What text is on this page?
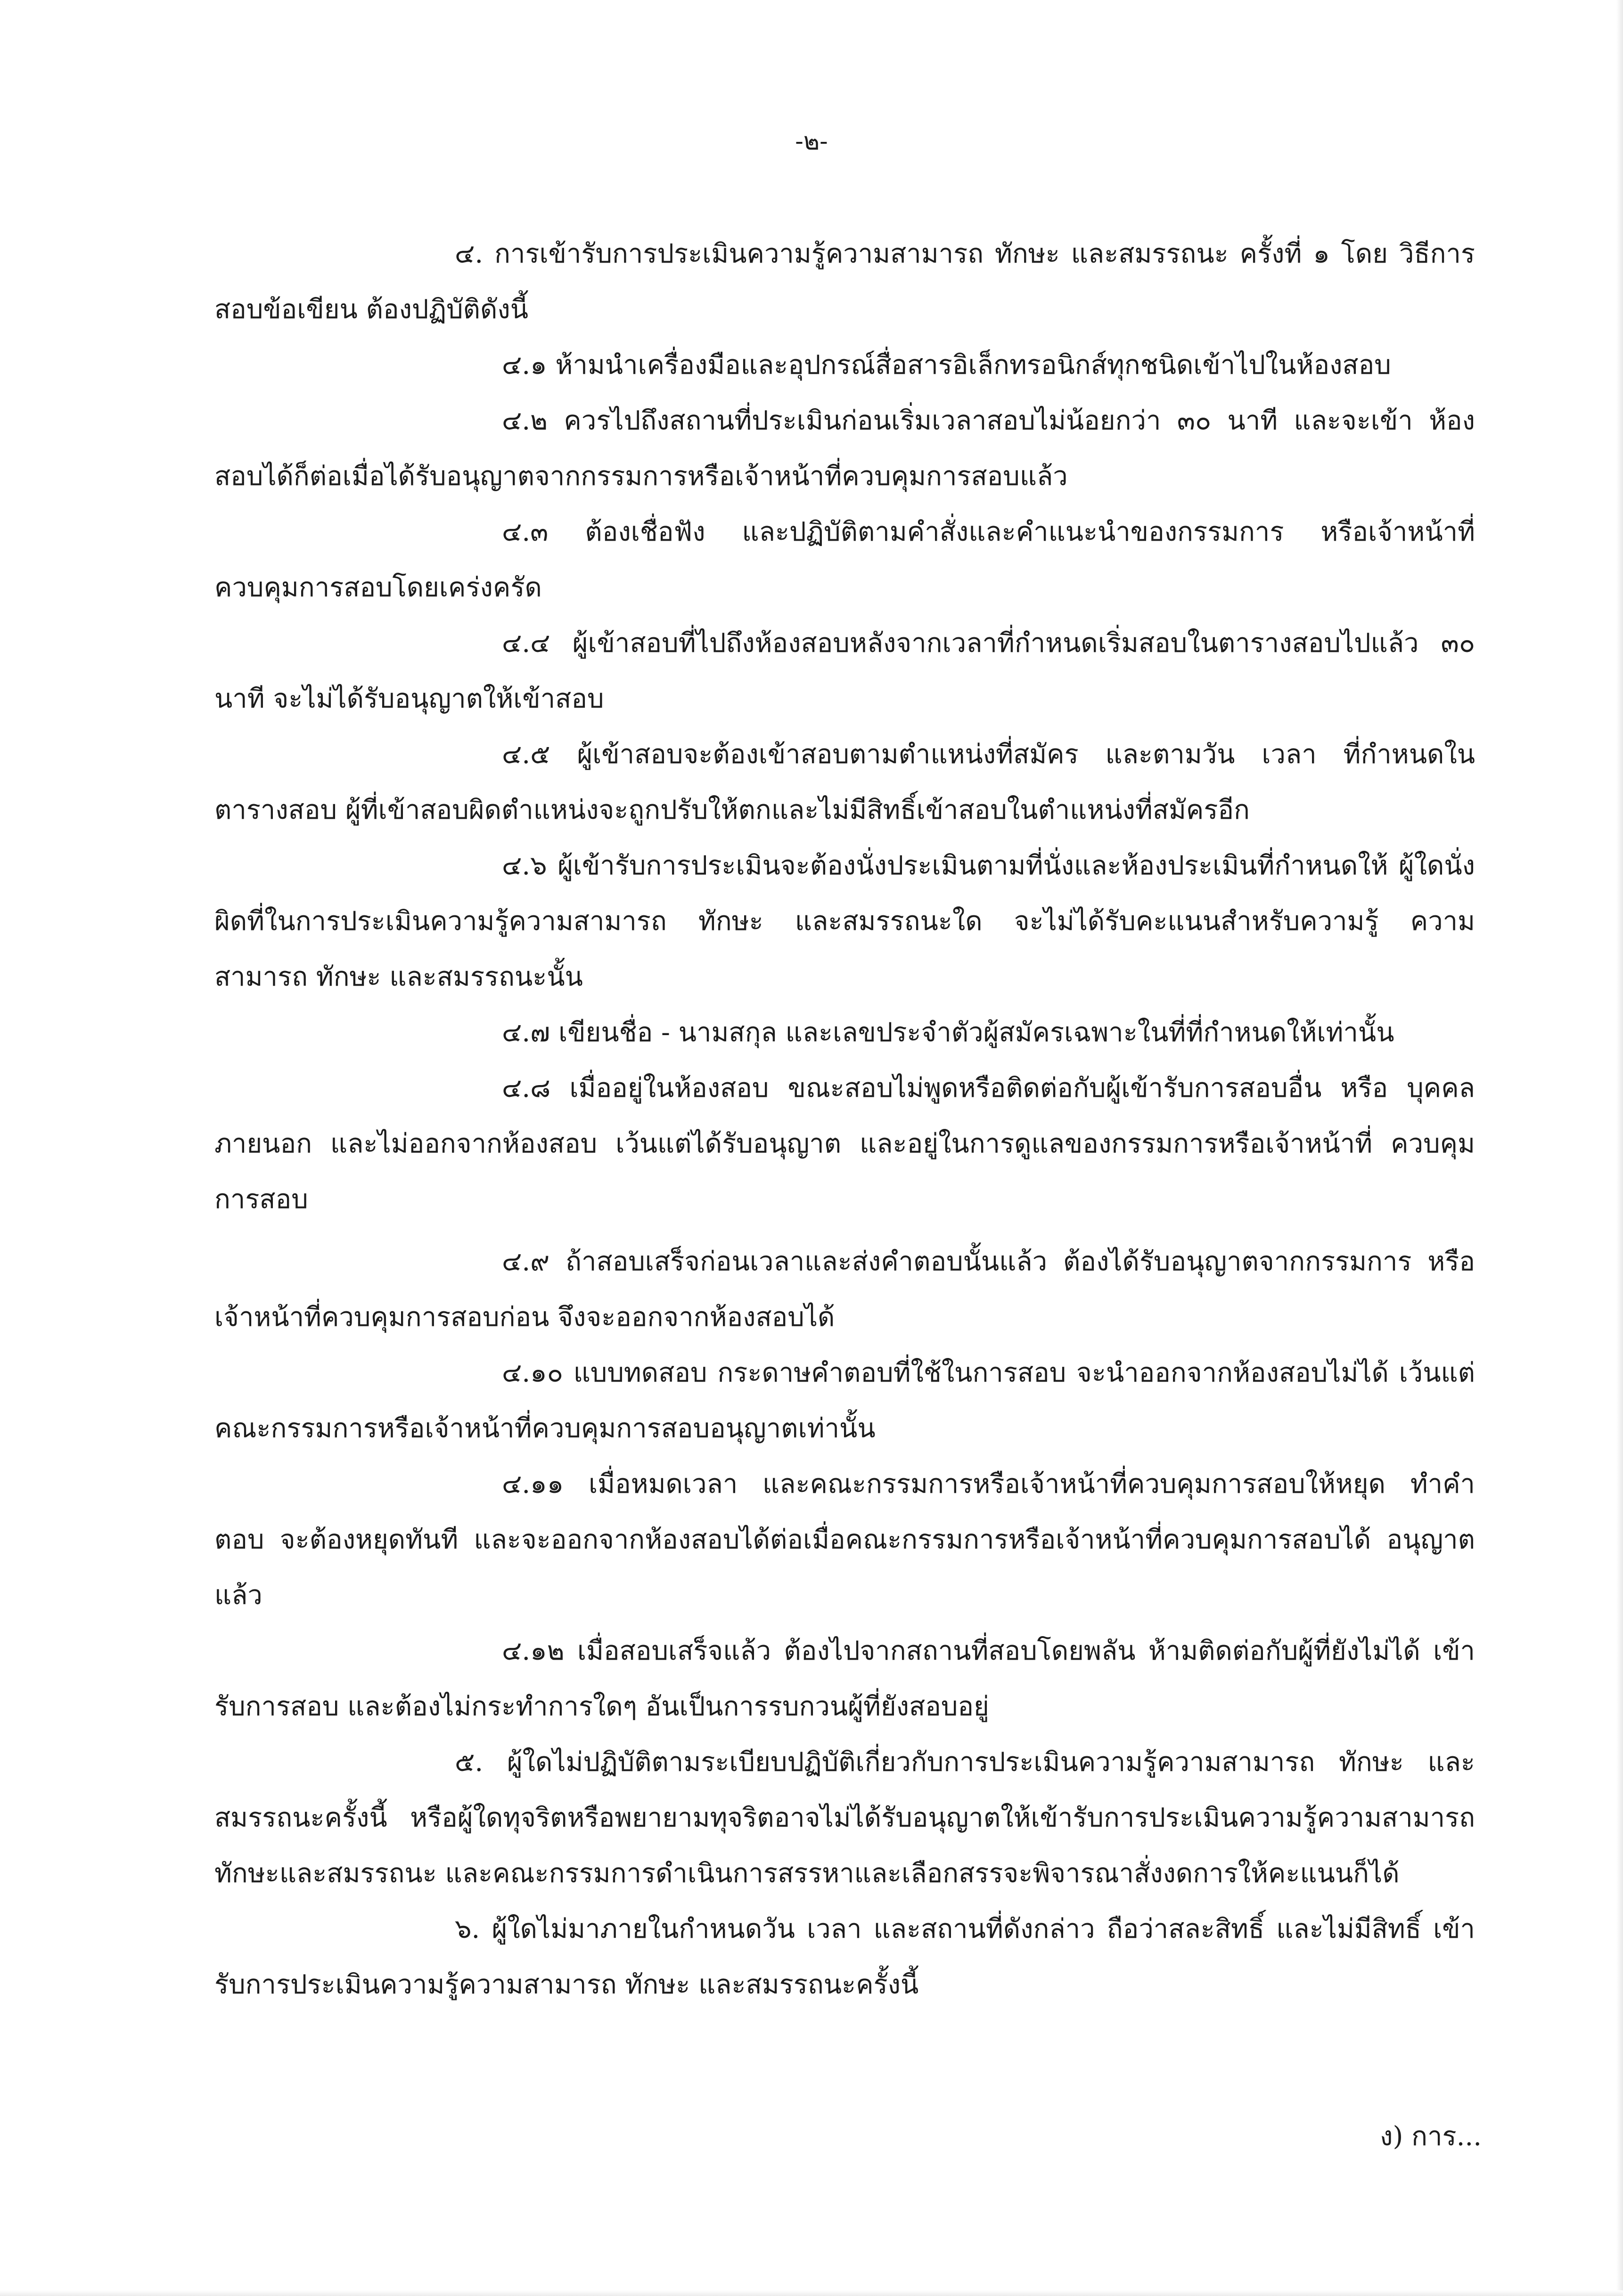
-๒-

๔. การเข้ารับการประเมินความรู้ความสามารถ ทักษะ และสมรรถนะ ครั้งที่ ๑ โดย วิธีการสอบข้อเขียน ต้องปฏิบัติดังนี้

๔.๑ ห้ามนำเครื่องมือและอุปกรณ์สื่อสารอิเล็กทรอนิกส์ทุกชนิดเข้าไปในห้องสอบ

๔.๒ ควรไปถึงสถานที่ประเมินก่อนเริ่มเวลาสอบไม่น้อยกว่า ๓๐ นาที และจะเข้า ห้องสอบได้ก็ต่อเมื่อได้รับอนุญาตจากกรรมการหรือเจ้าหน้าที่ควบคุมการสอบแล้ว

๔.๓ ต้องเชื่อฟัง และปฏิบัติตามคำสั่งและคำแนะนำของกรรมการ หรือเจ้าหน้าที่ ควบคุมการสอบโดยเคร่งครัด

๔.๔ ผู้เข้าสอบที่ไปถึงห้องสอบหลังจากเวลาที่กำหนดเริ่มสอบในตารางสอบไปแล้ว ๓๐ นาที จะไม่ได้รับอนุญาตให้เข้าสอบ

๔.๕ ผู้เข้าสอบจะต้องเข้าสอบตามตำแหน่งที่สมัคร และตามวัน เวลา ที่กำหนดใน ตารางสอบ ผู้ที่เข้าสอบผิดตำแหน่งจะถูกปรับให้ตกและไม่มีสิทธิ์เข้าสอบในตำแหน่งที่สมัครอีก

๔.๖ ผู้เข้ารับการประเมินจะต้องนั่งประเมินตามที่นั่งและห้องประเมินที่กำหนดให้ ผู้ใดนั่งผิดที่ในการประเมินความรู้ความสามารถ ทักษะ และสมรรถนะใด จะไม่ได้รับคะแนนสำหรับความรู้ ความสามารถ ทักษะ และสมรรถนะนั้น

๔.๗ เขียนชื่อ - นามสกุล และเลขประจำตัวผู้สมัครเฉพาะในที่ที่กำหนดให้เท่านั้น

๔.๘ เมื่ออยู่ในห้องสอบ ขณะสอบไม่พูดหรือติดต่อกับผู้เข้ารับการสอบอื่น หรือ บุคคลภายนอก และไม่ออกจากห้องสอบ เว้นแต่ได้รับอนุญาต และอยู่ในการดูแลของกรรมการหรือเจ้าหน้าที่ ควบคุมการสอบ

๔.๙ ถ้าสอบเสร็จก่อนเวลาและส่งคำตอบนั้นแล้ว ต้องได้รับอนุญาตจากกรรมการ หรือเจ้าหน้าที่ควบคุมการสอบก่อน จึงจะออกจากห้องสอบได้

๔.๑๐ แบบทดสอบ กระดาษคำตอบที่ใช้ในการสอบ จะนำออกจากห้องสอบไม่ได้ เว้นแต่คณะกรรมการหรือเจ้าหน้าที่ควบคุมการสอบอนุญาตเท่านั้น

๔.๑๑ เมื่อหมดเวลา และคณะกรรมการหรือเจ้าหน้าที่ควบคุมการสอบให้หยุด ทำคำตอบ จะต้องหยุดทันที และจะออกจากห้องสอบได้ต่อเมื่อคณะกรรมการหรือเจ้าหน้าที่ควบคุมการสอบได้ อนุญาตแล้ว

๔.๑๒ เมื่อสอบเสร็จแล้ว ต้องไปจากสถานที่สอบโดยพลัน ห้ามติดต่อกับผู้ที่ยังไม่ได้ เข้ารับการสอบ และต้องไม่กระทำการใดๆ อันเป็นการรบกวนผู้ที่ยังสอบอยู่

๕. ผู้ใดไม่ปฏิบัติตามระเบียบปฏิบัติเกี่ยวกับการประเมินความรู้ความสามารถ ทักษะ และ สมรรถนะครั้งนี้ หรือผู้ใดทุจริตหรือพยายามทุจริตอาจไม่ได้รับอนุญาตให้เข้ารับการประเมินความรู้ความสามารถ ทักษะและสมรรถนะ และคณะกรรมการดำเนินการสรรหาและเลือกสรรจะพิจารณาสั่งงดการให้คะแนนก็ได้

๖. ผู้ใดไม่มาภายในกำหนดวัน เวลา และสถานที่ดังกล่าว ถือว่าสละสิทธิ์ และไม่มีสิทธิ์ เข้ารับการประเมินความรู้ความสามารถ ทักษะ และสมรรถนะครั้งนี้

ง) การ...
